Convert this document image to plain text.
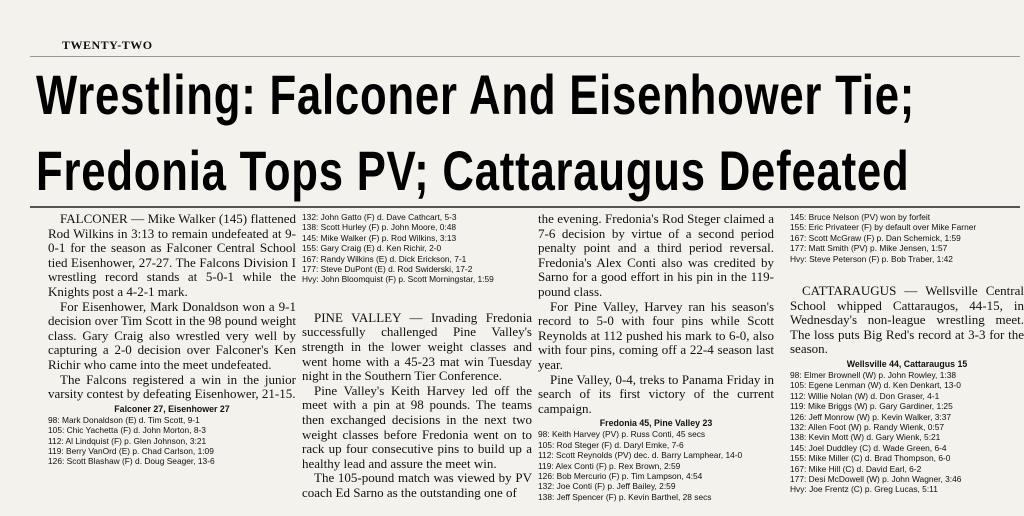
TWENTY-TWO
Wrestling: Falconer And Eisenhower Tie;
Fredonia Tops PV; Cattaraugus Defeated

FALCONER — Mike Walker (145) flattened Rod Wilkins in 3:13 to remain undefeated at 9-0-1 for the season as Falconer Central School tied Eisenhower, 27-27. The Falcons Division I wrestling record stands at 5-0-1 while the Knights post a 4-2-1 mark.

For Eisenhower, Mark Donaldson won a 9-1 decision over Tim Scott in the 98 pound weight class. Gary Craig also wrestled very well by capturing a 2-0 decision over Falconer's Ken Richir who came into the meet undefeated.

The Falcons registered a win in the junior varsity contest by defeating Eisenhower, 21-15.

Falconer 27, Eisenhower 27

98: Mark Donaldson (E) d. Tim Scott, 9-1

105: Chic Yachetta (F) d. John Morton, 8-3

112: Al Lindquist (F) p. Glen Johnson, 3:21

119: Berry VanOrd (E) p. Chad Carlson, 1:09

126: Scott Blashaw (F) d. Doug Seager, 13-6

132: John Gatto (F) d. Dave Cathcart, 5-3

138: Scott Hurley (F) p. John Moore, 0:48

145: Mike Walker (F) p. Rod Wilkins, 3:13

155: Gary Craig (E) d. Ken Richir, 2-0

167: Randy Wilkins (E) d. Dick Erickson, 7-1

177: Steve DuPont (E) d. Rod Swiderski, 17-2

Hvy: John Bloomquist (F) p. Scott Morningstar, 1:59

PINE VALLEY — Invading Fredonia successfully challenged Pine Valley's strength in the lower weight classes and went home with a 45-23 mat win Tuesday night in the Southern Tier Conference.

Pine Valley's Keith Harvey led off the meet with a pin at 98 pounds. The teams then exchanged decisions in the next two weight classes before Fredonia went on to rack up four consecutive pins to build up a healthy lead and assure the meet win.

The 105-pound match was viewed by PV coach Ed Sarno as the outstanding one of

the evening. Fredonia's Rod Steger claimed a 7-6 decision by virtue of a second period penalty point and a third period reversal. Fredonia's Alex Conti also was credited by Sarno for a good effort in his pin in the 119-pound class.

For Pine Valley, Harvey ran his season's record to 5-0 with four pins while Scott Reynolds at 112 pushed his mark to 6-0, also with four pins, coming off a 22-4 season last year.

Pine Valley, 0-4, treks to Panama Friday in search of its first victory of the current campaign.

Fredonia 45, Pine Valley 23

98: Keith Harvey (PV) p. Russ Conti, 45 secs

105: Rod Steger (F) d. Daryl Emke, 7-6

112: Scott Reynolds (PV) dec. d. Barry Lamphear, 14-0

119: Alex Conti (F) p. Rex Brown, 2:59

126: Bob Mercurio (F) p. Tim Lampson, 4:54

132: Joe Conti (F) p. Jeff Bailey, 2:59

138: Jeff Spencer (F) p. Kevin Barthel, 28 secs

145: Bruce Nelson (PV) won by forfeit

155: Eric Privateer (F) by default over Mike Farner

167: Scott McGraw (F) p. Dan Schemick, 1:59

177: Matt Smith (PV) p. Mike Jensen, 1:57

Hvy: Steve Peterson (F) p. Bob Traber, 1:42

CATTARAUGUS — Wellsville Central School whipped Cattaraugos, 44-15, in Wednesday's non-league wrestling meet. The loss puts Big Red's record at 3-3 for the season.

Wellsville 44, Cattaraugus 15

98: Elmer Brownell (W) p. John Rowley, 1:38

105: Egene Lenman (W) d. Ken Denkart, 13-0

112: Willie Nolan (W) d. Don Graser, 4-1

119: Mike Briggs (W) p. Gary Gardiner, 1:25

126: Jeff Monrow (W) p. Kevin Walker, 3:37

132: Allen Foot (W) p. Randy Wienk, 0:57

138: Kevin Mott (W) d. Gary Wienk, 5:21

145: Joel Duddley (C) d. Wade Green, 6-4

155: Mike Miller (C) d. Brad Thompson, 6-0

167: Mike Hill (C) d. David Earl, 6-2

177: Desi McDowell (W) p. John Wagner, 3:46

Hvy: Joe Frentz (C) p. Greg Lucas, 5:11
